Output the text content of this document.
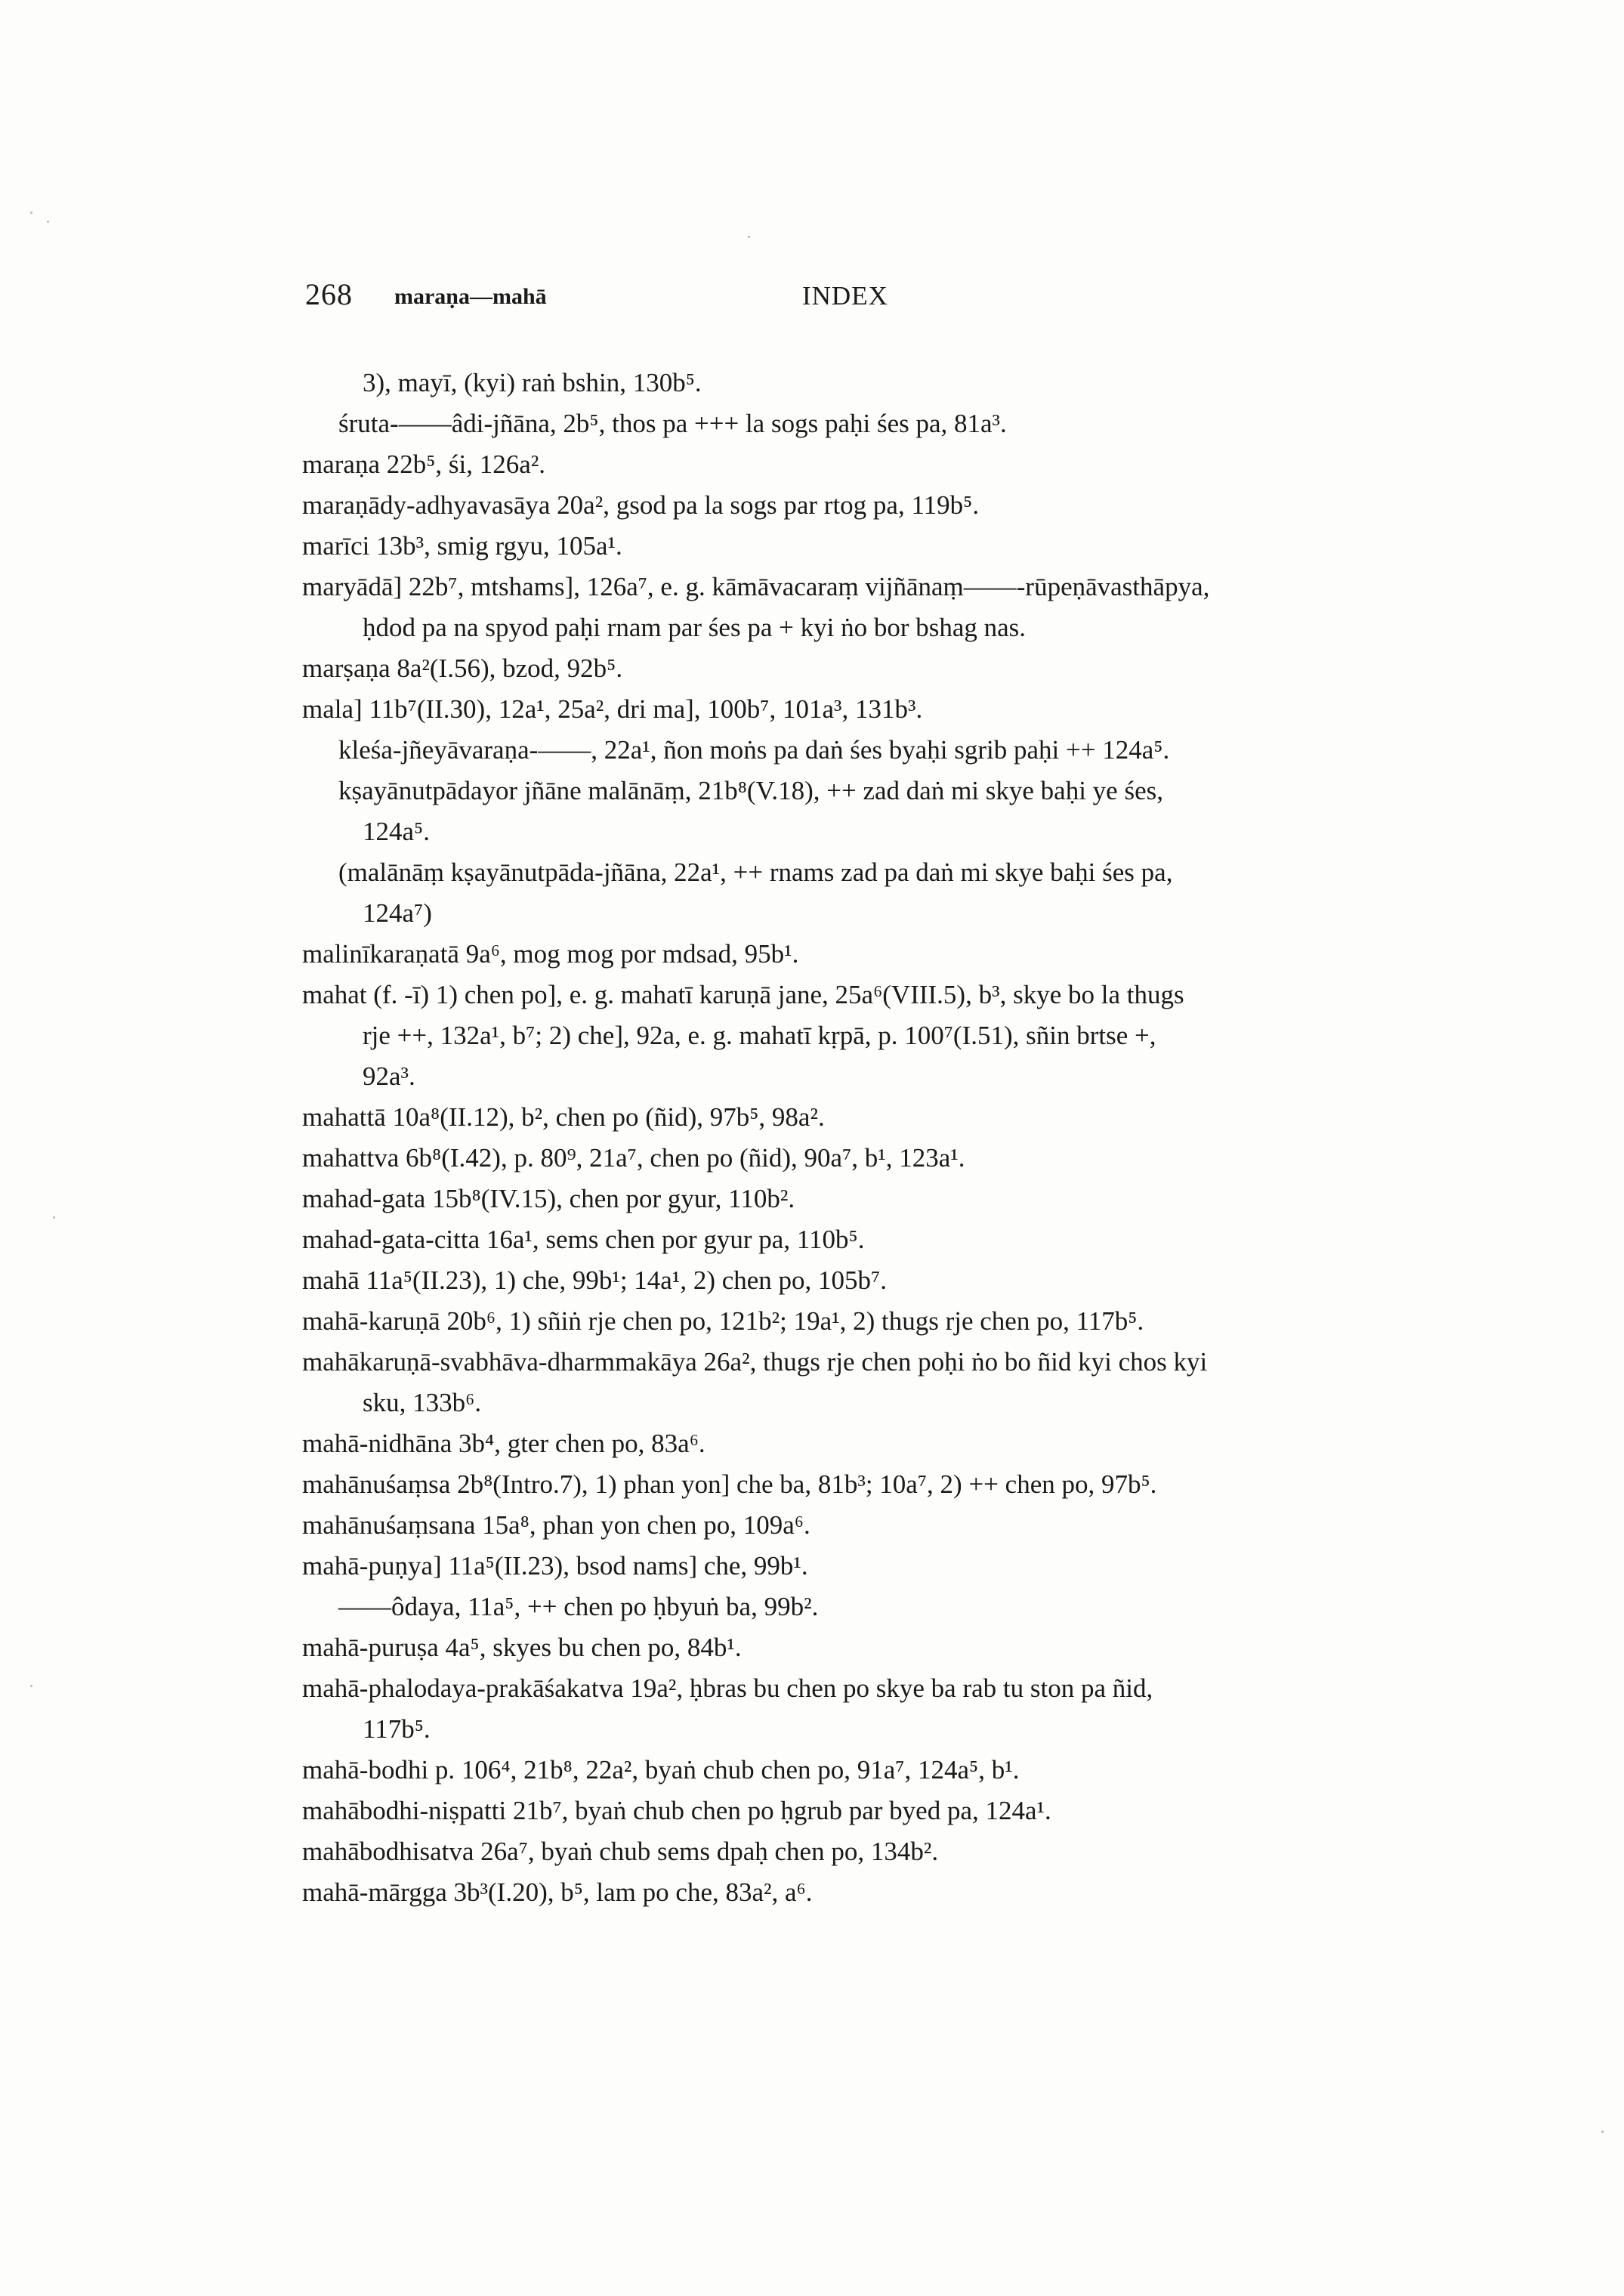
268 maraṇa—mahā	INDEX
3), mayī, (kyi) raṅ bshin, 130b⁵.
śruta-——âdi-jñāna, 2b⁵, thos pa +++ la sogs paḥi śes pa, 81a³.
maraṇa 22b⁵, śi, 126a².
maraṇādy-adhyavasāya 20a², gsod pa la sogs par rtog pa, 119b⁵.
marīci 13b³, smig rgyu, 105a¹.
maryādā] 22b⁷, mtshams], 126a⁷, e. g. kāmāvacaraṃ vijñānaṃ——-rūpeṇāvasthāpya,
ḥdod pa na spyod paḥi rnam par śes pa + kyi ṅo bor bshag nas.
marṣaṇa 8a²(I.56), bzod, 92b⁵.
mala] 11b⁷(II.30), 12a¹, 25a², dri ma], 100b⁷, 101a³, 131b³.
kleśa-jñeyāvaraṇa-——, 22a¹, ñon moṅs pa daṅ śes byaḥi sgrib paḥi ++ 124a⁵.
kṣayānutpādayor jñāne malānāṃ, 21b⁸(V.18), ++ zad daṅ mi skye baḥi ye śes,
124a⁵.
(malānāṃ kṣayānutpāda-jñāna, 22a¹, ++ rnams zad pa daṅ mi skye baḥi śes pa,
124a⁷)
malinīkaraṇatā 9a⁶, mog mog por mdsad, 95b¹.
mahat (f. -ī) 1) chen po], e. g. mahatī karuṇā jane, 25a⁶(VIII.5), b³, skye bo la thugs
rje ++, 132a¹, b⁷; 2) che], 92a, e. g. mahatī kṛpā, p. 100⁷(I.51), sñin brtse +,
92a³.
mahattā 10a⁸(II.12), b², chen po (ñid), 97b⁵, 98a².
mahattva 6b⁸(I.42), p. 80⁹, 21a⁷, chen po (ñid), 90a⁷, b¹, 123a¹.
mahad-gata 15b⁸(IV.15), chen por gyur, 110b².
mahad-gata-citta 16a¹, sems chen por gyur pa, 110b⁵.
mahā 11a⁵(II.23), 1) che, 99b¹; 14a¹, 2) chen po, 105b⁷.
mahā-karuṇā 20b⁶, 1) sñiṅ rje chen po, 121b²; 19a¹, 2) thugs rje chen po, 117b⁵.
mahākaruṇā-svabhāva-dharmmakāya 26a², thugs rje chen poḥi ṅo bo ñid kyi chos kyi
sku, 133b⁶.
mahā-nidhāna 3b⁴, gter chen po, 83a⁶.
mahānuśaṃsa 2b⁸(Intro.7), 1) phan yon] che ba, 81b³; 10a⁷, 2) ++ chen po, 97b⁵.
mahānuśaṃsana 15a⁸, phan yon chen po, 109a⁶.
mahā-puṇya] 11a⁵(II.23), bsod nams] che, 99b¹.
——ôdaya, 11a⁵, ++ chen po ḥbyuṅ ba, 99b².
mahā-puruṣa 4a⁵, skyes bu chen po, 84b¹.
mahā-phalodaya-prakāśakatva 19a², ḥbras bu chen po skye ba rab tu ston pa ñid,
117b⁵.
mahā-bodhi p. 106⁴, 21b⁸, 22a², byaṅ chub chen po, 91a⁷, 124a⁵, b¹.
mahābodhi-niṣpatti 21b⁷, byaṅ chub chen po ḥgrub par byed pa, 124a¹.
mahābodhisatva 26a⁷, byaṅ chub sems dpaḥ chen po, 134b².
mahā-mārgga 3b³(I.20), b⁵, lam po che, 83a², a⁶.
